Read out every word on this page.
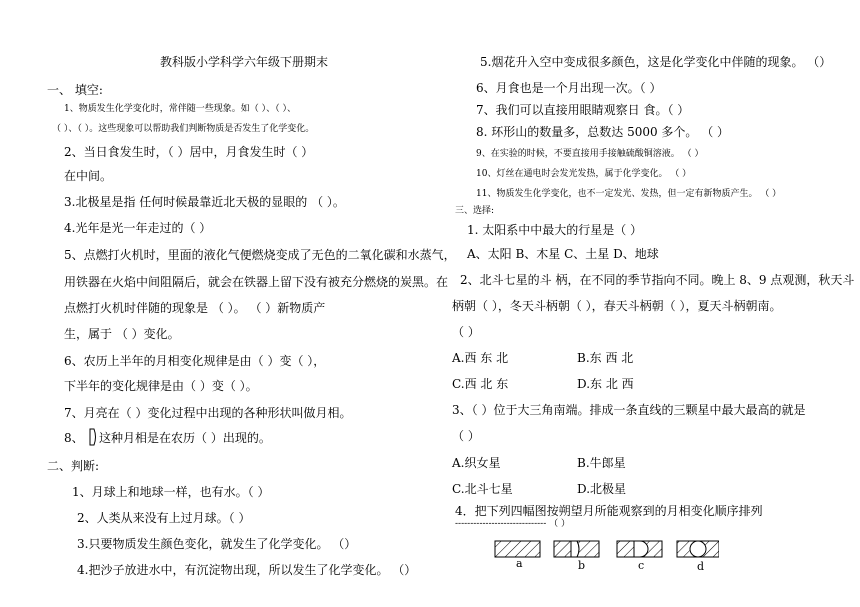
教科版小学科学六年级下册期末
一、 填空:
1、物质发生化学变化时，常伴随一些现象。如（ ）、（ ）、
（ ）、（ ）。这些现象可以帮助我们判断物质是否发生了化学变化。
2、当日食发生时，（ ）居中，月食发生时（ ）
在中间。
3.北极星是指 任何时候最靠近北天极的显眼的 （ ）。
4.光年是光一年走过的（ ）
5、点燃打火机时，里面的液化气便燃烧变成了无色的二氧化碳和水蒸气，
用铁器在火焰中间阻隔后，就会在铁器上留下没有被充分燃烧的炭黑。在
点燃打火机时伴随的现象是 （ ）。 （ ）新物质产
生，属于 （ ）变化。
6、农历上半年的月相变化规律是由（ ）变（ ），
下半年的变化规律是由（ ）变（ ）。
7、月亮在（ ）变化过程中出现的各种形状叫做月相。
8、 这种月相是在农历（ ）出现的。
二、判断:
1、月球上和地球一样，也有水。（ ）
2、人类从来没有上过月球。（ ）
3.只要物质发生颜色变化，就发生了化学变化。 （）
4.把沙子放进水中，有沉淀物出现，所以发生了化学变化。 （）
5.烟花升入空中变成很多颜色，这是化学变化中伴随的现象。 （）
6、月食也是一个月出现一次。（ ）
7、我们可以直接用眼睛观察日 食。（ ）
8. 环形山的数量多，总数达 5000 多个。 （ ）
9、在实验的时候，不要直接用手接触硫酸铜溶液。 （ ）
10、灯丝在通电时会发光发热，属于化学变化。 （ ）
11、物质发生化学变化，也不一定发光、发热，但一定有新物质产生。 （ ）
三、选择:
1. 太阳系中中最大的行星是（ ）
A、太阳 B、木星 C、土星 D、地球
2、北斗七星的斗 柄，在不同的季节指向不同。晚上 8、9 点观测，秋天斗
柄朝（ ），冬天斗柄朝（ ），春天斗柄朝（ ），夏天斗柄朝南。
（ ）
A.西 东 北	B.东 西 北
C.西 北 东	D.东 北 西
3、（ ）位于大三角南端。排成一条直线的三颗星中最大最高的就是
（ ）
A.织女星	B.牛郎星
C.北斗七星	D.北极星
4．把下列四幅图按朔望月所能观察到的月相变化顺序排列
------------------------------ （ ）
a	b	c	d
